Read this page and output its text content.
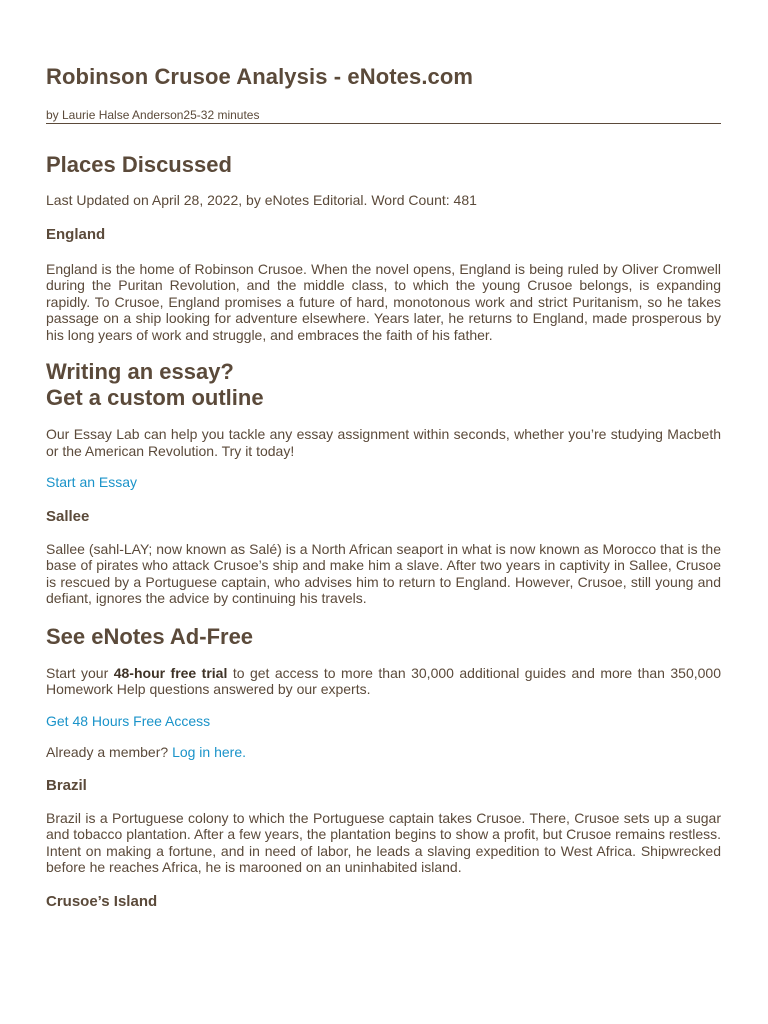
Robinson Crusoe Analysis - eNotes.com
by Laurie Halse Anderson25-32 minutes
Places Discussed

Last Updated on April 28, 2022, by eNotes Editorial. Word Count: 481

England

England is the home of Robinson Crusoe. When the novel opens, England is being ruled by Oliver Cromwell during the Puritan Revolution, and the middle class, to which the young Crusoe belongs, is expanding rapidly. To Crusoe, England promises a future of hard, monotonous work and strict Puritanism, so he takes passage on a ship looking for adventure elsewhere. Years later, he returns to England, made prosperous by his long years of work and struggle, and embraces the faith of his father.

Writing an essay?
Get a custom outline

Our Essay Lab can help you tackle any essay assignment within seconds, whether you’re studying Macbeth or the American Revolution. Try it today!

Start an Essay

Sallee

Sallee (sahl-LAY; now known as Salé) is a North African seaport in what is now known as Morocco that is the base of pirates who attack Crusoe’s ship and make him a slave. After two years in captivity in Sallee, Crusoe is rescued by a Portuguese captain, who advises him to return to England. However, Crusoe, still young and defiant, ignores the advice by continuing his travels.

See eNotes Ad-Free

Start your 48-hour free trial to get access to more than 30,000 additional guides and more than 350,000 Homework Help questions answered by our experts.

Get 48 Hours Free Access

Already a member? Log in here.

Brazil

Brazil is a Portuguese colony to which the Portuguese captain takes Crusoe. There, Crusoe sets up a sugar and tobacco plantation. After a few years, the plantation begins to show a profit, but Crusoe remains restless. Intent on making a fortune, and in need of labor, he leads a slaving expedition to West Africa. Shipwrecked before he reaches Africa, he is marooned on an uninhabited island.

Crusoe’s Island
